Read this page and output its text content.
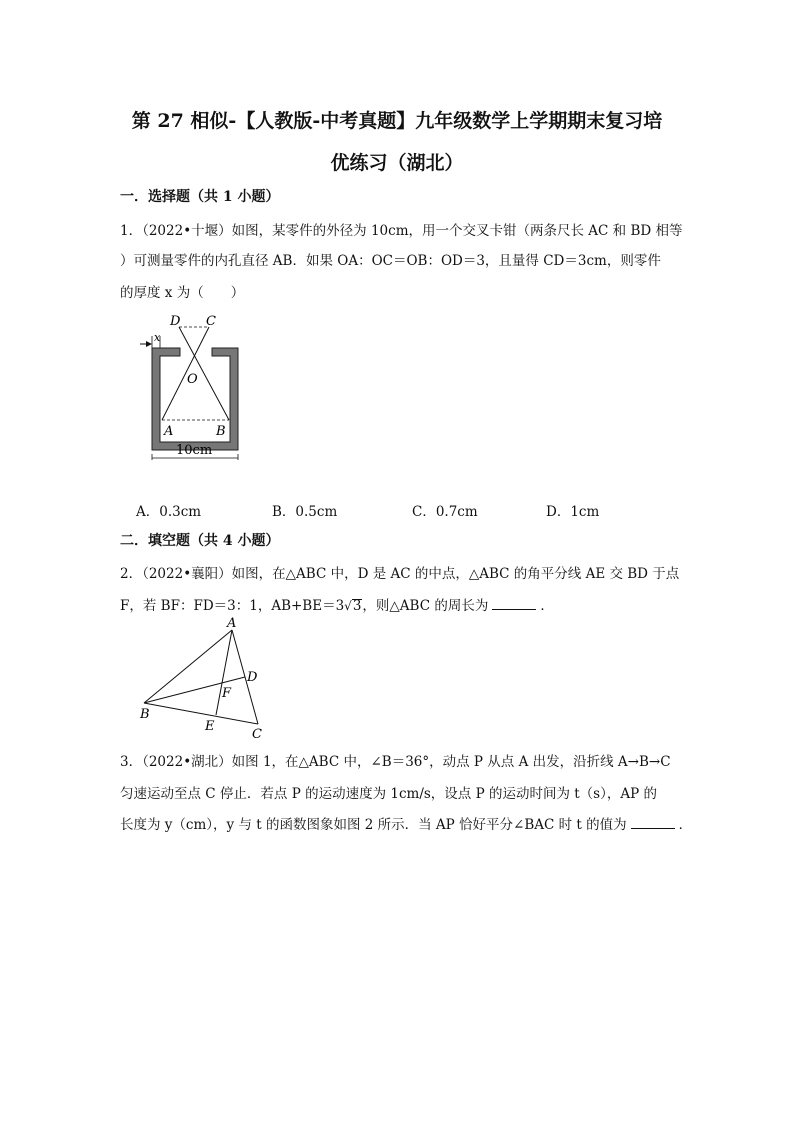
第 27 相似-【人教版-中考真题】九年级数学上学期期末复习培
优练习（湖北）
一．选择题（共 1 小题）
1．（2022•十堰）如图，某零件的外径为 10cm，用一个交叉卡钳（两条尺长 AC 和 BD 相等
）可测量零件的内孔直径 AB．如果 OA：OC＝OB：OD＝3，且量得 CD＝3cm，则零件
的厚度 x 为（　　）
x
D C
O
A	B
10cm
A．0.3cm	B．0.5cm	C．0.7cm	D．1cm
二．填空题（共 4 小题）
2．（2022•襄阳）如图，在△ABC 中，D 是 AC 的中点，△ABC 的角平分线 AE 交 BD 于点
F，若 BF：FD＝3：1，AB+BE＝3√3，则△ABC 的周长为	．
A
D
F
B
E
C
3．（2022•湖北）如图 1，在△ABC 中，∠B＝36°，动点 P 从点 A 出发，沿折线 A→B→C
匀速运动至点 C 停止．若点 P 的运动速度为 1cm/s，设点 P 的运动时间为 t（s），AP 的
长度为 y（cm），y 与 t 的函数图象如图 2 所示．当 AP 恰好平分∠BAC 时 t 的值为	．
